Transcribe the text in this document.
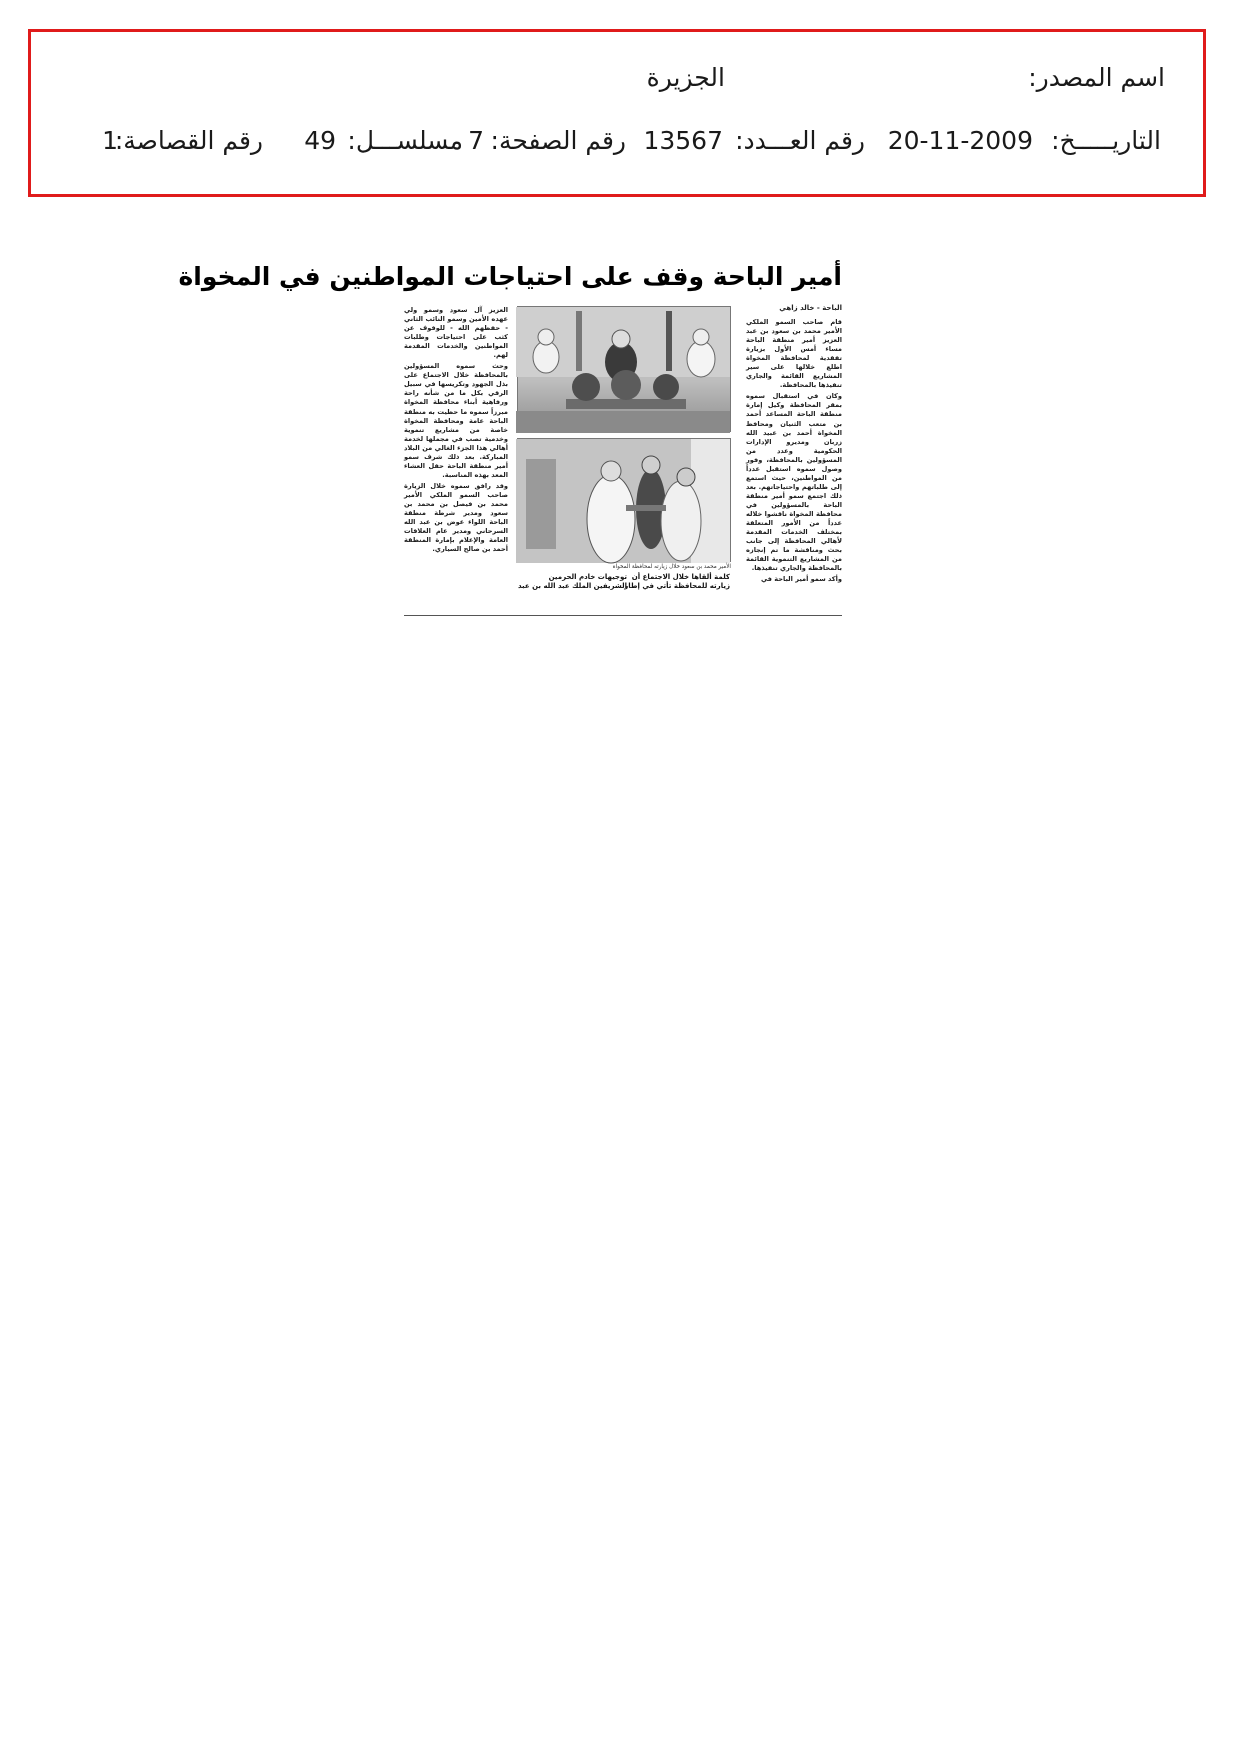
اسم المصدر:
الجزيرة
التاريـــــخ:
20-11-2009
رقم العـــدد:
13567
رقم الصفحة:
7
مسلســـل:
49
رقم القصاصة:
1
أمير الباحة وقف على احتياجات المواطنين في المخواة
الباحة - خالد زاهي

قام صاحب السمو الملكي الأمير محمد بن سعود بن عبد العزيز أمير منطقة الباحة مساء أمس الأول بزيارة تفقدية لمحافظة المخواة اطلع خلالها على سير المشاريع القائمة والجاري تنفيذها بالمحافظة.

وكان في استقبال سموه بمقر المحافظة وكيل إمارة منطقة الباحة المساعد أحمد بن متعب الثنيان ومحافظ المخواة أحمد بن عبيد الله زربان ومديرو الإدارات الحكومية وعدد من المسؤولين بالمحافظة، وفور وصول سموه استقبل عدداً من المواطنين، حيث استمع إلى طلباتهم واحتياجاتهم. بعد ذلك اجتمع سمو أمير منطقة الباحة بالمسؤولين في محافظة المخواة ناقشوا خلاله عدداً من الأمور المتعلقة بمختلف الخدمات المقدمة لأهالي المحافظة إلى جانب بحث ومناقشة ما تم إنجازه من المشاريع التنموية القائمة بالمحافظة والجاري تنفيذها.

وأكد سمو أمير الباحة في

الأمير محمد بن سعود خلال زيارته لمحافظة المخواة

العزيز آل سعود وسمو ولي عهده الأمين وسمو النائب الثاني - حفظهم الله - للوقوف عن كثب على احتياجات وطلبات المواطنين والخدمات المقدمة لهم.

وحث سموه المسؤولين بالمحافظة خلال الاجتماع على بذل الجهود وتكريسها في سبيل الرقي بكل ما من شأنه راحة ورفاهية أبناء محافظة المخواة مبرزاً سموه ما حظيت به منطقة الباحة عامة ومحافظة المخواة خاصة من مشاريع تنموية وخدمية تصب في مجملها لخدمة أهالي هذا الجزء الغالي من البلاد المباركة. بعد ذلك شرف سمو أمير منطقة الباحة حفل العشاء المعد بهذه المناسبة.

وقد رافق سموه خلال الزيارة صاحب السمو الملكي الأمير محمد بن فيصل بن محمد بن سعود ومدير شرطة منطقة الباحة اللواء عوض بن عبد الله السرحاني ومدير عام العلاقات العامة والإعلام بإمارة المنطقة أحمد بن صالح السياري.

كلمة ألقاها خلال الاجتماع أن زيارته للمحافظة تأتي في إطار
توجيهات خادم الحرمين الشريفين الملك عبد الله بن عبد
